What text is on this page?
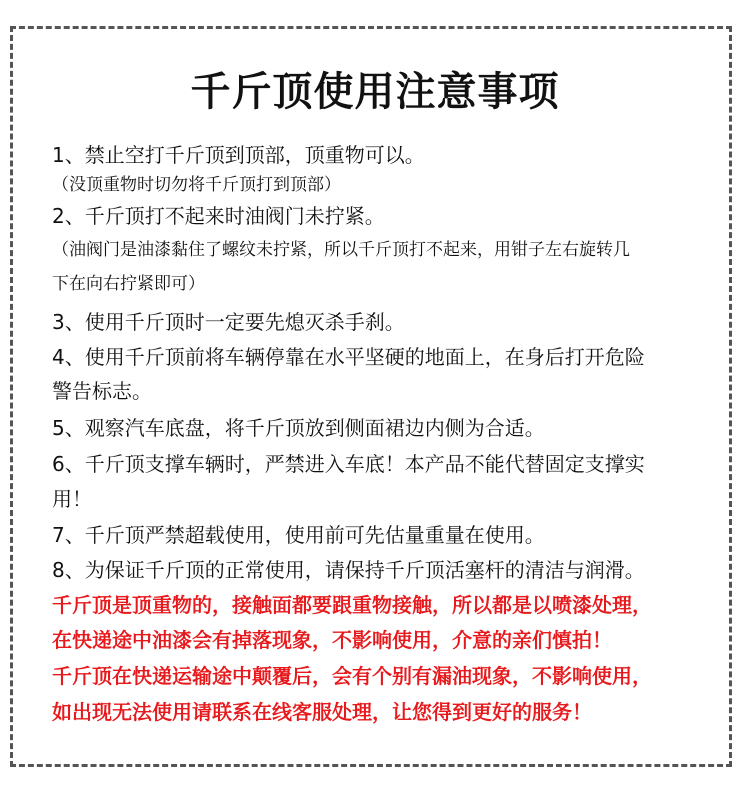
千斤顶使用注意事项
1、禁止空打千斤顶到顶部，顶重物可以。
（没顶重物时切勿将千斤顶打到顶部）
2、千斤顶打不起来时油阀门未拧紧。
（油阀门是油漆黏住了螺纹未拧紧，所以千斤顶打不起来，用钳子左右旋转几
下在向右拧紧即可）
3、使用千斤顶时一定要先熄灭杀手刹。
4、使用千斤顶前将车辆停靠在水平坚硬的地面上，在身后打开危险
警告标志。
5、观察汽车底盘，将千斤顶放到侧面裙边内侧为合适。
6、千斤顶支撑车辆时，严禁进入车底！本产品不能代替固定支撑实
用！
7、千斤顶严禁超载使用，使用前可先估量重量在使用。
8、为保证千斤顶的正常使用，请保持千斤顶活塞杆的清洁与润滑。
千斤顶是顶重物的，接触面都要跟重物接触，所以都是以喷漆处理，
在快递途中油漆会有掉落现象，不影响使用，介意的亲们慎拍！
千斤顶在快递运输途中颠覆后，会有个别有漏油现象，不影响使用，
如出现无法使用请联系在线客服处理，让您得到更好的服务！
